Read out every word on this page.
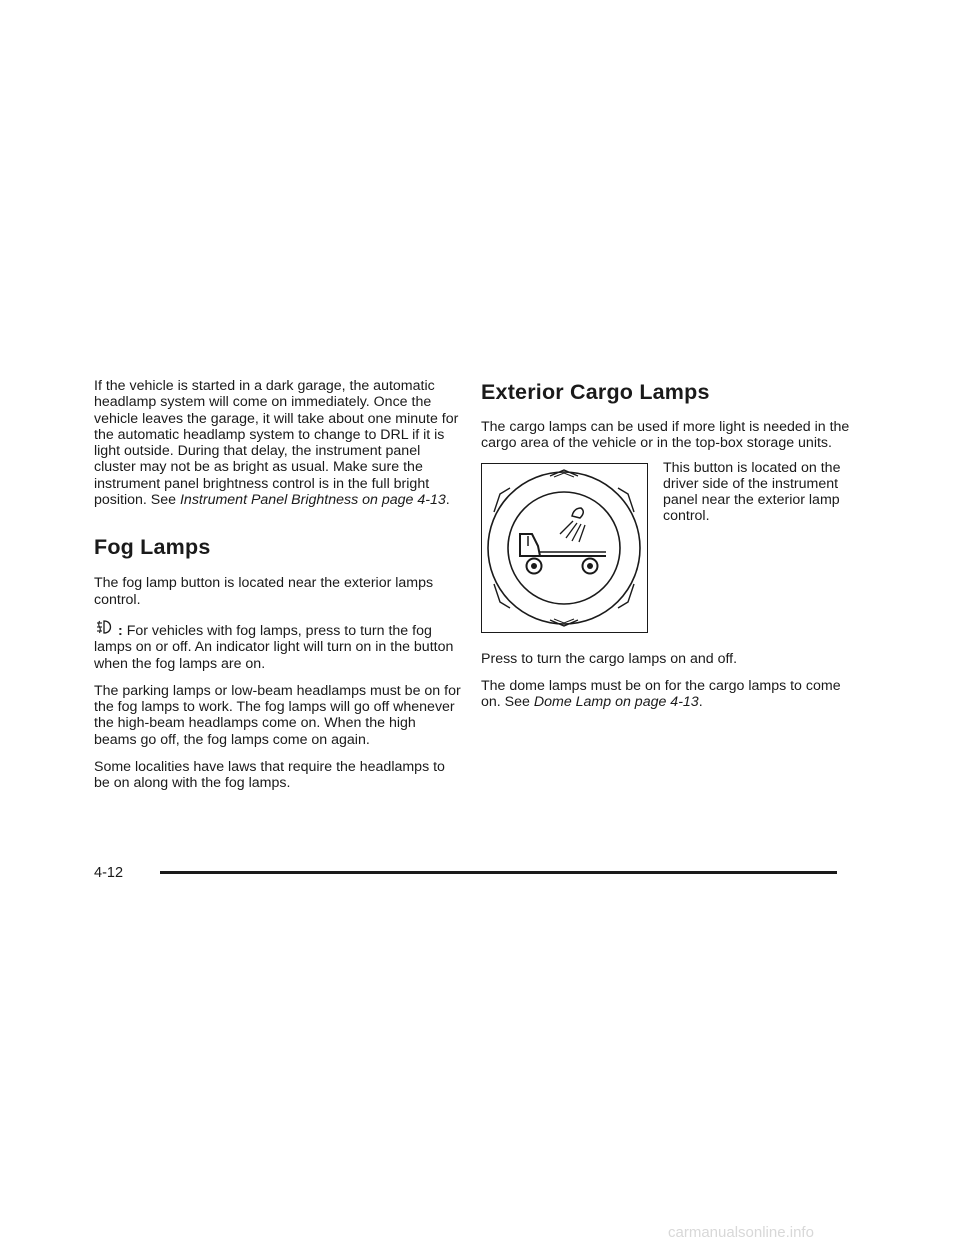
If the vehicle is started in a dark garage, the automatic headlamp system will come on immediately. Once the vehicle leaves the garage, it will take about one minute for the automatic headlamp system to change to DRL if it is light outside. During that delay, the instrument panel cluster may not be as bright as usual. Make sure the instrument panel brightness control is in the full bright position. See Instrument Panel Brightness on page 4-13.

Fog Lamps

The fog lamp button is located near the exterior lamps control.

: For vehicles with fog lamps, press to turn the fog lamps on or off. An indicator light will turn on in the button when the fog lamps are on.

The parking lamps or low-beam headlamps must be on for the fog lamps to work. The fog lamps will go off whenever the high-beam headlamps come on. When the high beams go off, the fog lamps come on again.

Some localities have laws that require the headlamps to be on along with the fog lamps.

Exterior Cargo Lamps

The cargo lamps can be used if more light is needed in the cargo area of the vehicle or in the top-box storage units.

This button is located on the driver side of the instrument panel near the exterior lamp control.

Press to turn the cargo lamps on and off.

The dome lamps must be on for the cargo lamps to come on. See Dome Lamp on page 4-13.

4-12
carmanualsonline.info
